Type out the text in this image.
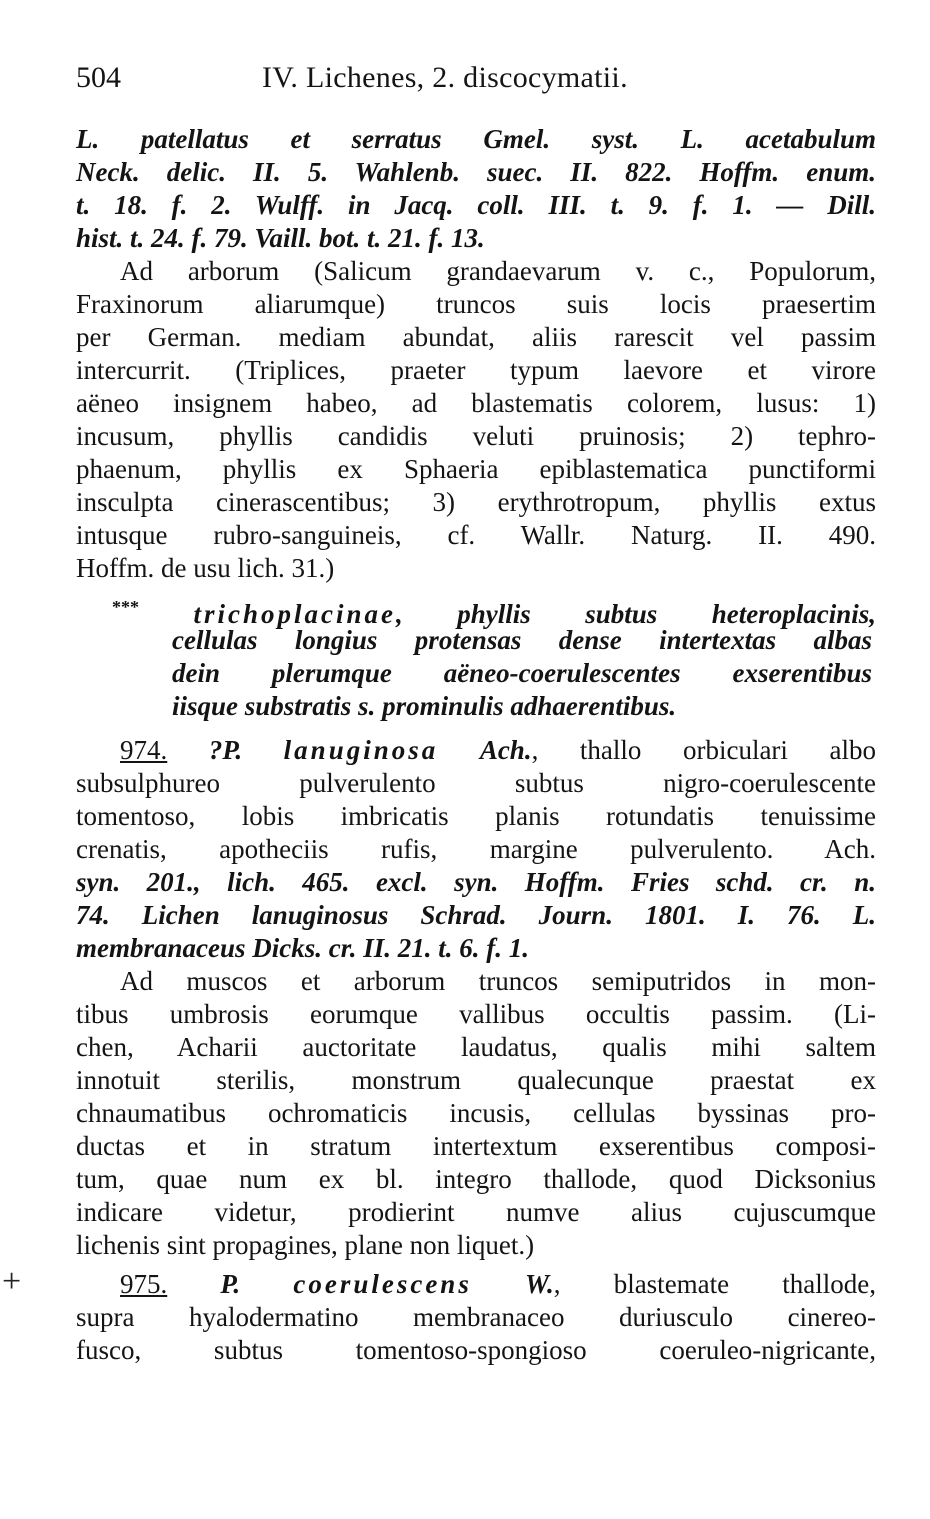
504	IV. Lichenes, 2. discocymatii.
L. patellatus et serratus Gmel. syst. L. acetabulum
Neck. delic. II. 5. Wahlenb. suec. II. 822. Hoffm. enum.
t. 18. f. 2. Wulff. in Jacq. coll. III. t. 9. f. 1. — Dill.
hist. t. 24. f. 79. Vaill. bot. t. 21. f. 13.
Ad arborum (Salicum grandaevarum v. c., Populorum,
Fraxinorum aliarumque) truncos suis locis praesertim
per German. mediam abundat, aliis rarescit vel passim
intercurrit. (Triplices, praeter typum laevore et virore
aëneo insignem habeo, ad blastematis colorem, lusus: 1)
incusum, phyllis candidis veluti pruinosis; 2) tephro-
phaenum, phyllis ex Sphaeria epiblastematica punctiformi
insculpta cinerascentibus; 3) erythrotropum, phyllis extus
intusque rubro-sanguineis, cf. Wallr. Naturg. II. 490.
Hoffm. de usu lich. 31.)
*** trichoplacinae, phyllis subtus heteroplacinis,
cellulas longius protensas dense intertextas albas
dein plerumque aëneo-coerulescentes exserentibus
iisque substratis s. prominulis adhaerentibus.
974. ?P. lanuginosa Ach., thallo orbiculari albo
subsulphureo pulverulento subtus nigro-coerulescente
tomentoso, lobis imbricatis planis rotundatis tenuissime
crenatis, apotheciis rufis, margine pulverulento. Ach.
syn. 201., lich. 465. excl. syn. Hoffm. Fries schd. cr. n.
74. Lichen lanuginosus Schrad. Journ. 1801. I. 76. L.
membranaceus Dicks. cr. II. 21. t. 6. f. 1.
Ad muscos et arborum truncos semiputridos in mon-
tibus umbrosis eorumque vallibus occultis passim. (Li-
chen, Acharii auctoritate laudatus, qualis mihi saltem
innotuit sterilis, monstrum qualecunque praestat ex
chnaumatibus ochromaticis incusis, cellulas byssinas pro-
ductas et in stratum intertextum exserentibus composi-
tum, quae num ex bl. integro thallode, quod Dicksonius
indicare videtur, prodierint numve alius cujuscumque
lichenis sint propagines, plane non liquet.)
975. P. coerulescens W., blastemate thallode,
supra hyalodermatino membranaceo duriusculo cinereo-
fusco, subtus tomentoso-spongioso coeruleo-nigricante,
+
